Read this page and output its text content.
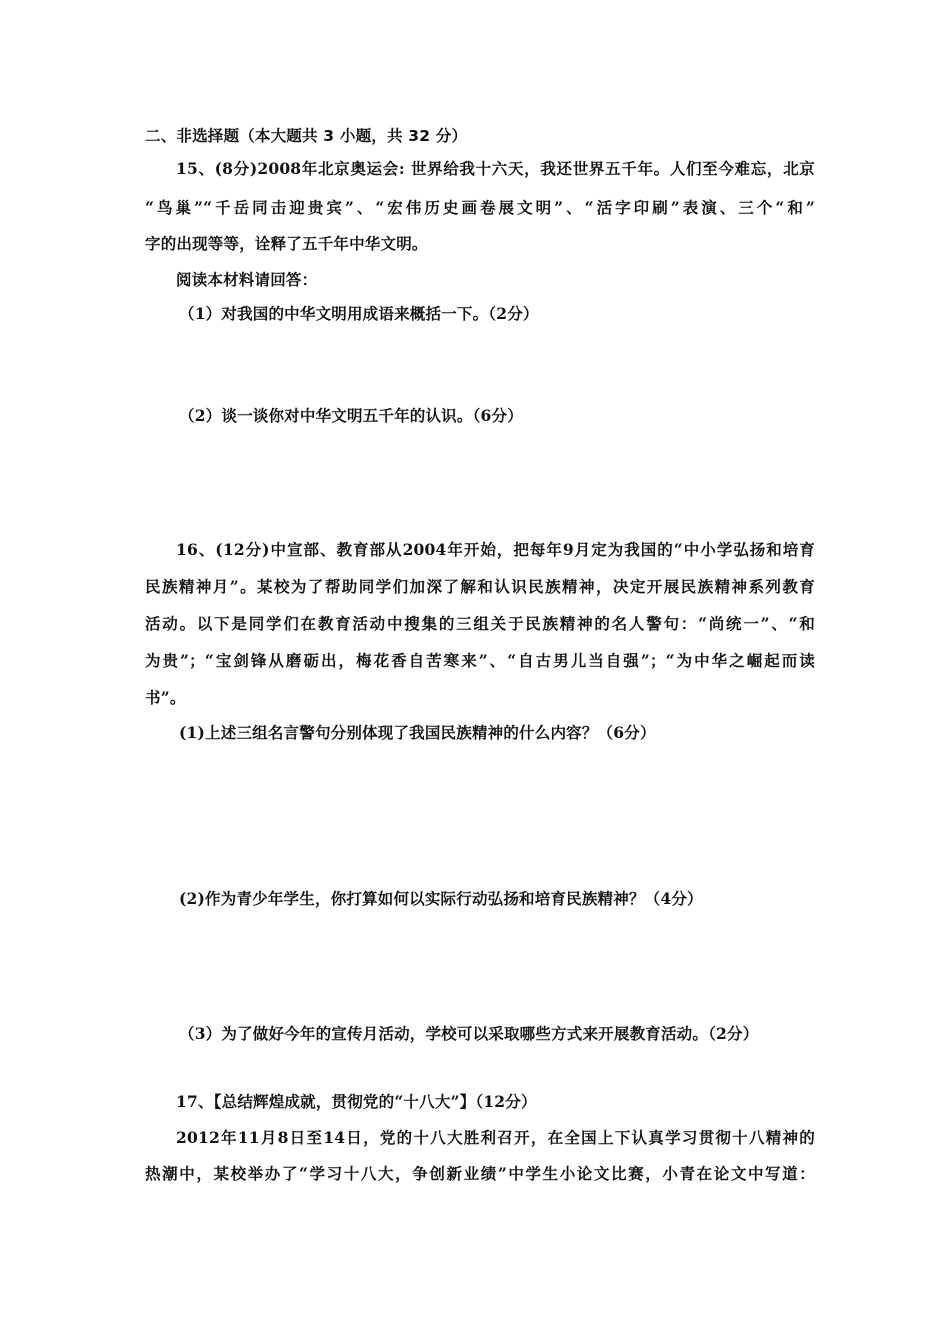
二、非选择题（本大题共 3 小题，共 32 分）
15、(8分)2008年北京奥运会: 世界给我十六天，我还世界五千年。人们至今难忘，北京
“鸟巢”“千岳同击迎贵宾”、“宏伟历史画卷展文明”、“活字印刷”表演、三个“和”
字的出现等等，诠释了五千年中华文明。
阅读本材料请回答：
（1）对我国的中华文明用成语来概括一下。（2分）
（2）谈一谈你对中华文明五千年的认识。（6分）
16、(12分)中宣部、教育部从2004年开始，把每年9月定为我国的“中小学弘扬和培育
民族精神月”。某校为了帮助同学们加深了解和认识民族精神，决定开展民族精神系列教育
活动。以下是同学们在教育活动中搜集的三组关于民族精神的名人警句：“尚统一”、“和
为贵”；“宝剑锋从磨砺出，梅花香自苦寒来”、“自古男儿当自强”；“为中华之崛起而读
书”。
(1)上述三组名言警句分别体现了我国民族精神的什么内容？（6分）
(2)作为青少年学生，你打算如何以实际行动弘扬和培育民族精神？（4分）
（3）为了做好今年的宣传月活动，学校可以采取哪些方式来开展教育活动。（2分）
17、【总结辉煌成就，贯彻党的“十八大”】（12分）
2012年11月8日至14日，党的十八大胜利召开，在全国上下认真学习贯彻十八精神的
热潮中，某校举办了“学习十八大，争创新业绩”中学生小论文比赛，小青在论文中写道：
